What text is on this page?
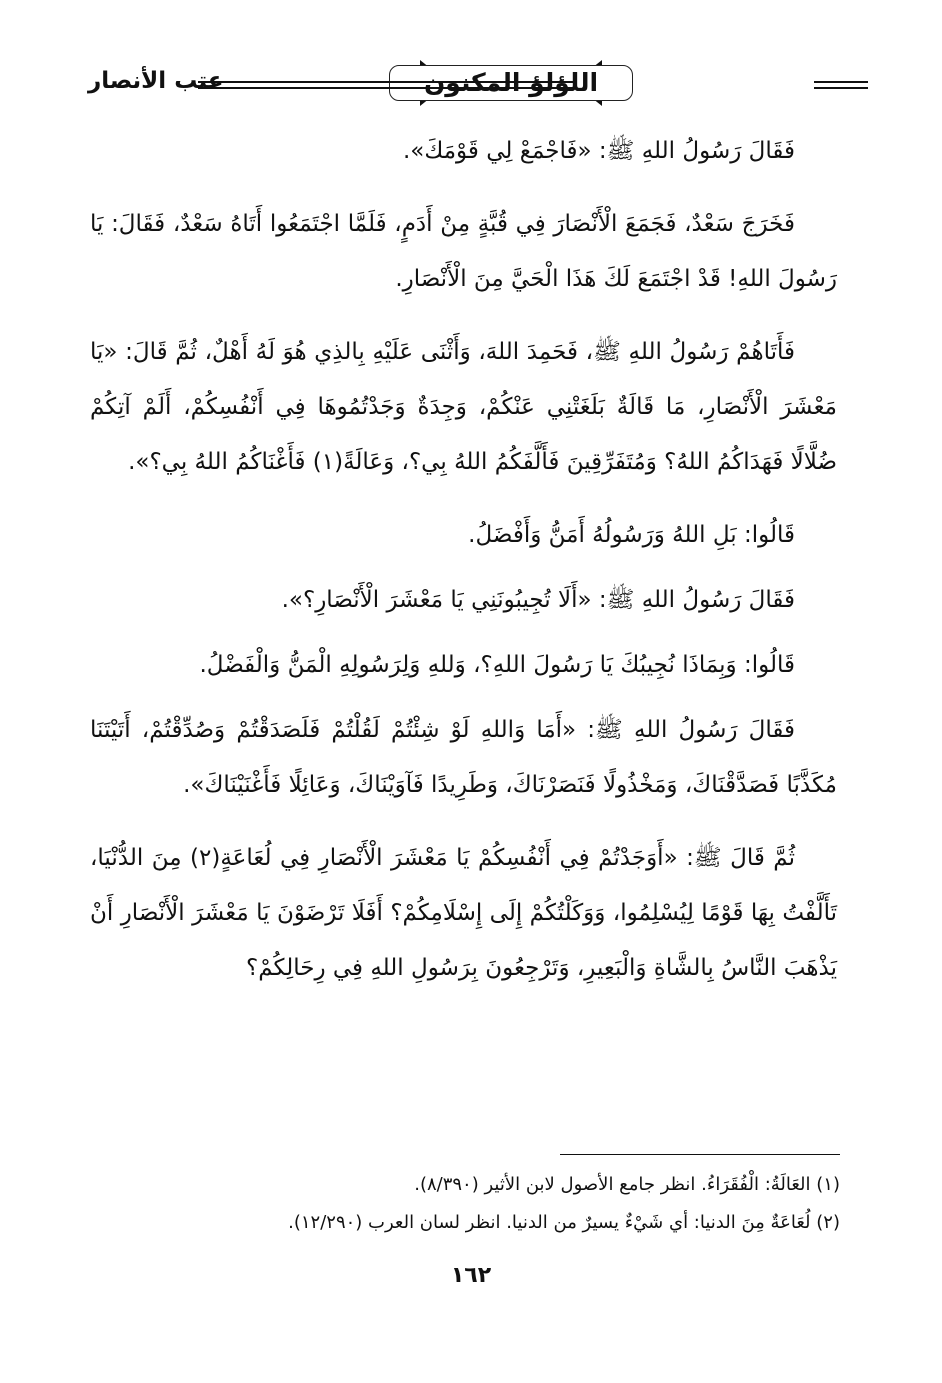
اللؤلؤ المكنون
عتب الأنصار

فَقَالَ رَسُولُ اللهِ ﷺ: «فَاجْمَعْ لِي قَوْمَكَ».

فَخَرَجَ سَعْدٌ، فَجَمَعَ الْأَنْصَارَ فِي قُبَّةٍ مِنْ أَدَمٍ، فَلَمَّا اجْتَمَعُوا أَتَاهُ سَعْدٌ، فَقَالَ: يَا رَسُولَ اللهِ! قَدْ اجْتَمَعَ لَكَ هَذَا الْحَيَّ مِنَ الْأَنْصَارِ.

فَأَتَاهُمْ رَسُولُ اللهِ ﷺ، فَحَمِدَ اللهَ، وَأَثْنَى عَلَيْهِ بِالذِي هُوَ لَهُ أَهْلٌ، ثُمَّ قَالَ: «يَا مَعْشَرَ الْأَنْصَارِ، مَا قَالَةٌ بَلَغَتْنِي عَنْكُمْ، وَجِدَةٌ وَجَدْتُمُوهَا فِي أَنْفُسِكُمْ، أَلَمْ آتِكُمْ ضُلَّالًا فَهَدَاكُمُ اللهُ؟ وَمُتَفَرِّقِينَ فَأَلَّفَكُمُ اللهُ بِي؟، وَعَالَةً(١) فَأَغْنَاكُمُ اللهُ بِي؟».

قَالُوا: بَلِ اللهُ وَرَسُولُهُ أَمَنُّ وَأَفْضَلُ.

فَقَالَ رَسُولُ اللهِ ﷺ: «أَلَا تُجِيبُونَنِي يَا مَعْشَرَ الْأَنْصَارِ؟».

قَالُوا: وَبِمَاذَا نُجِيبُكَ يَا رَسُولَ اللهِ؟، وَللهِ وَلِرَسُولِهِ الْمَنُّ وَالْفَضْلُ.

فَقَالَ رَسُولُ اللهِ ﷺ: «أَمَا وَاللهِ لَوْ شِئْتُمْ لَقُلْتُمْ فَلَصَدَقْتُمْ وَصُدِّقْتُمْ، أَتَيْتَنَا مُكَذَّبًا فَصَدَّقْنَاكَ، وَمَخْذُولًا فَنَصَرْنَاكَ، وَطَرِيدًا فَآوَيْنَاكَ، وَعَائِلًا فَأَغْنَيْنَاكَ».

ثُمَّ قَالَ ﷺ: «أَوَجَدْتُمْ فِي أَنْفُسِكُمْ يَا مَعْشَرَ الْأَنْصَارِ فِي لُعَاعَةٍ(٢) مِنَ الدُّنْيَا، تَأَلَّفْتُ بِهَا قَوْمًا لِيُسْلِمُوا، وَوَكَلْتُكُمْ إِلَى إِسْلَامِكُمْ؟ أَفَلَا تَرْضَوْنَ يَا مَعْشَرَ الْأَنْصَارِ أَنْ يَذْهَبَ النَّاسُ بِالشَّاةِ وَالْبَعِيرِ، وَتَرْجِعُونَ بِرَسُولِ اللهِ فِي رِحَالِكُمْ؟

(١) العَالَةُ: الْفُقَرَاءُ. انظر جامع الأصول لابن الأثير (٨/٣٩٠).
(٢) لُعَاعَةٌ مِنَ الدنيا: أي شَيْءٌ يسيرٌ من الدنيا. انظر لسان العرب (١٢/٢٩٠).
١٦٢
